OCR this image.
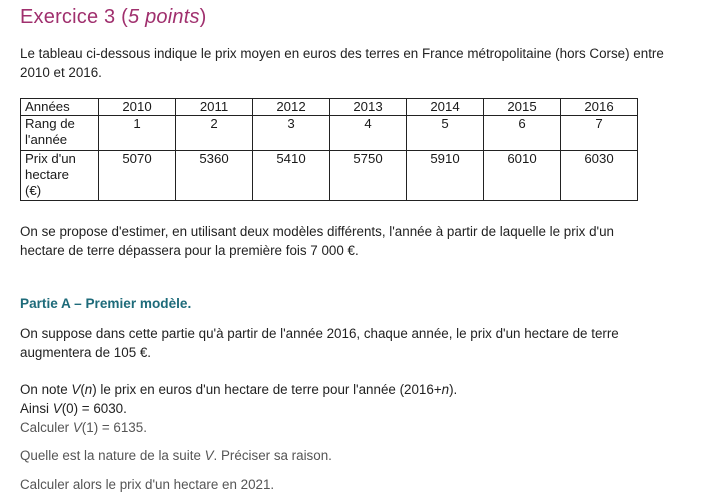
Exercice 3 (5 points)
Le tableau ci-dessous indique le prix moyen en euros des terres en France métropolitaine (hors Corse) entre
2010 et 2016.
Années	2010	2011	2012	2013	2014	2015	2016

Rang de
l'année	1	2	3	4	5	6	7

Prix d'un
hectare
(€)	5070	5360	5410	5750	5910	6010	6030
On se propose d'estimer, en utilisant deux modèles différents, l'année à partir de laquelle le prix d'un
hectare de terre dépassera pour la première fois 7 000 €.
Partie A – Premier modèle.
On suppose dans cette partie qu'à partir de l'année 2016, chaque année, le prix d'un hectare de terre
augmentera de 105 €.
On note V(n) le prix en euros d'un hectare de terre pour l'année (2016+n).
Ainsi V(0) = 6030.
Calculer V(1) = 6135.
Quelle est la nature de la suite V. Préciser sa raison.
Calculer alors le prix d'un hectare en 2021.
